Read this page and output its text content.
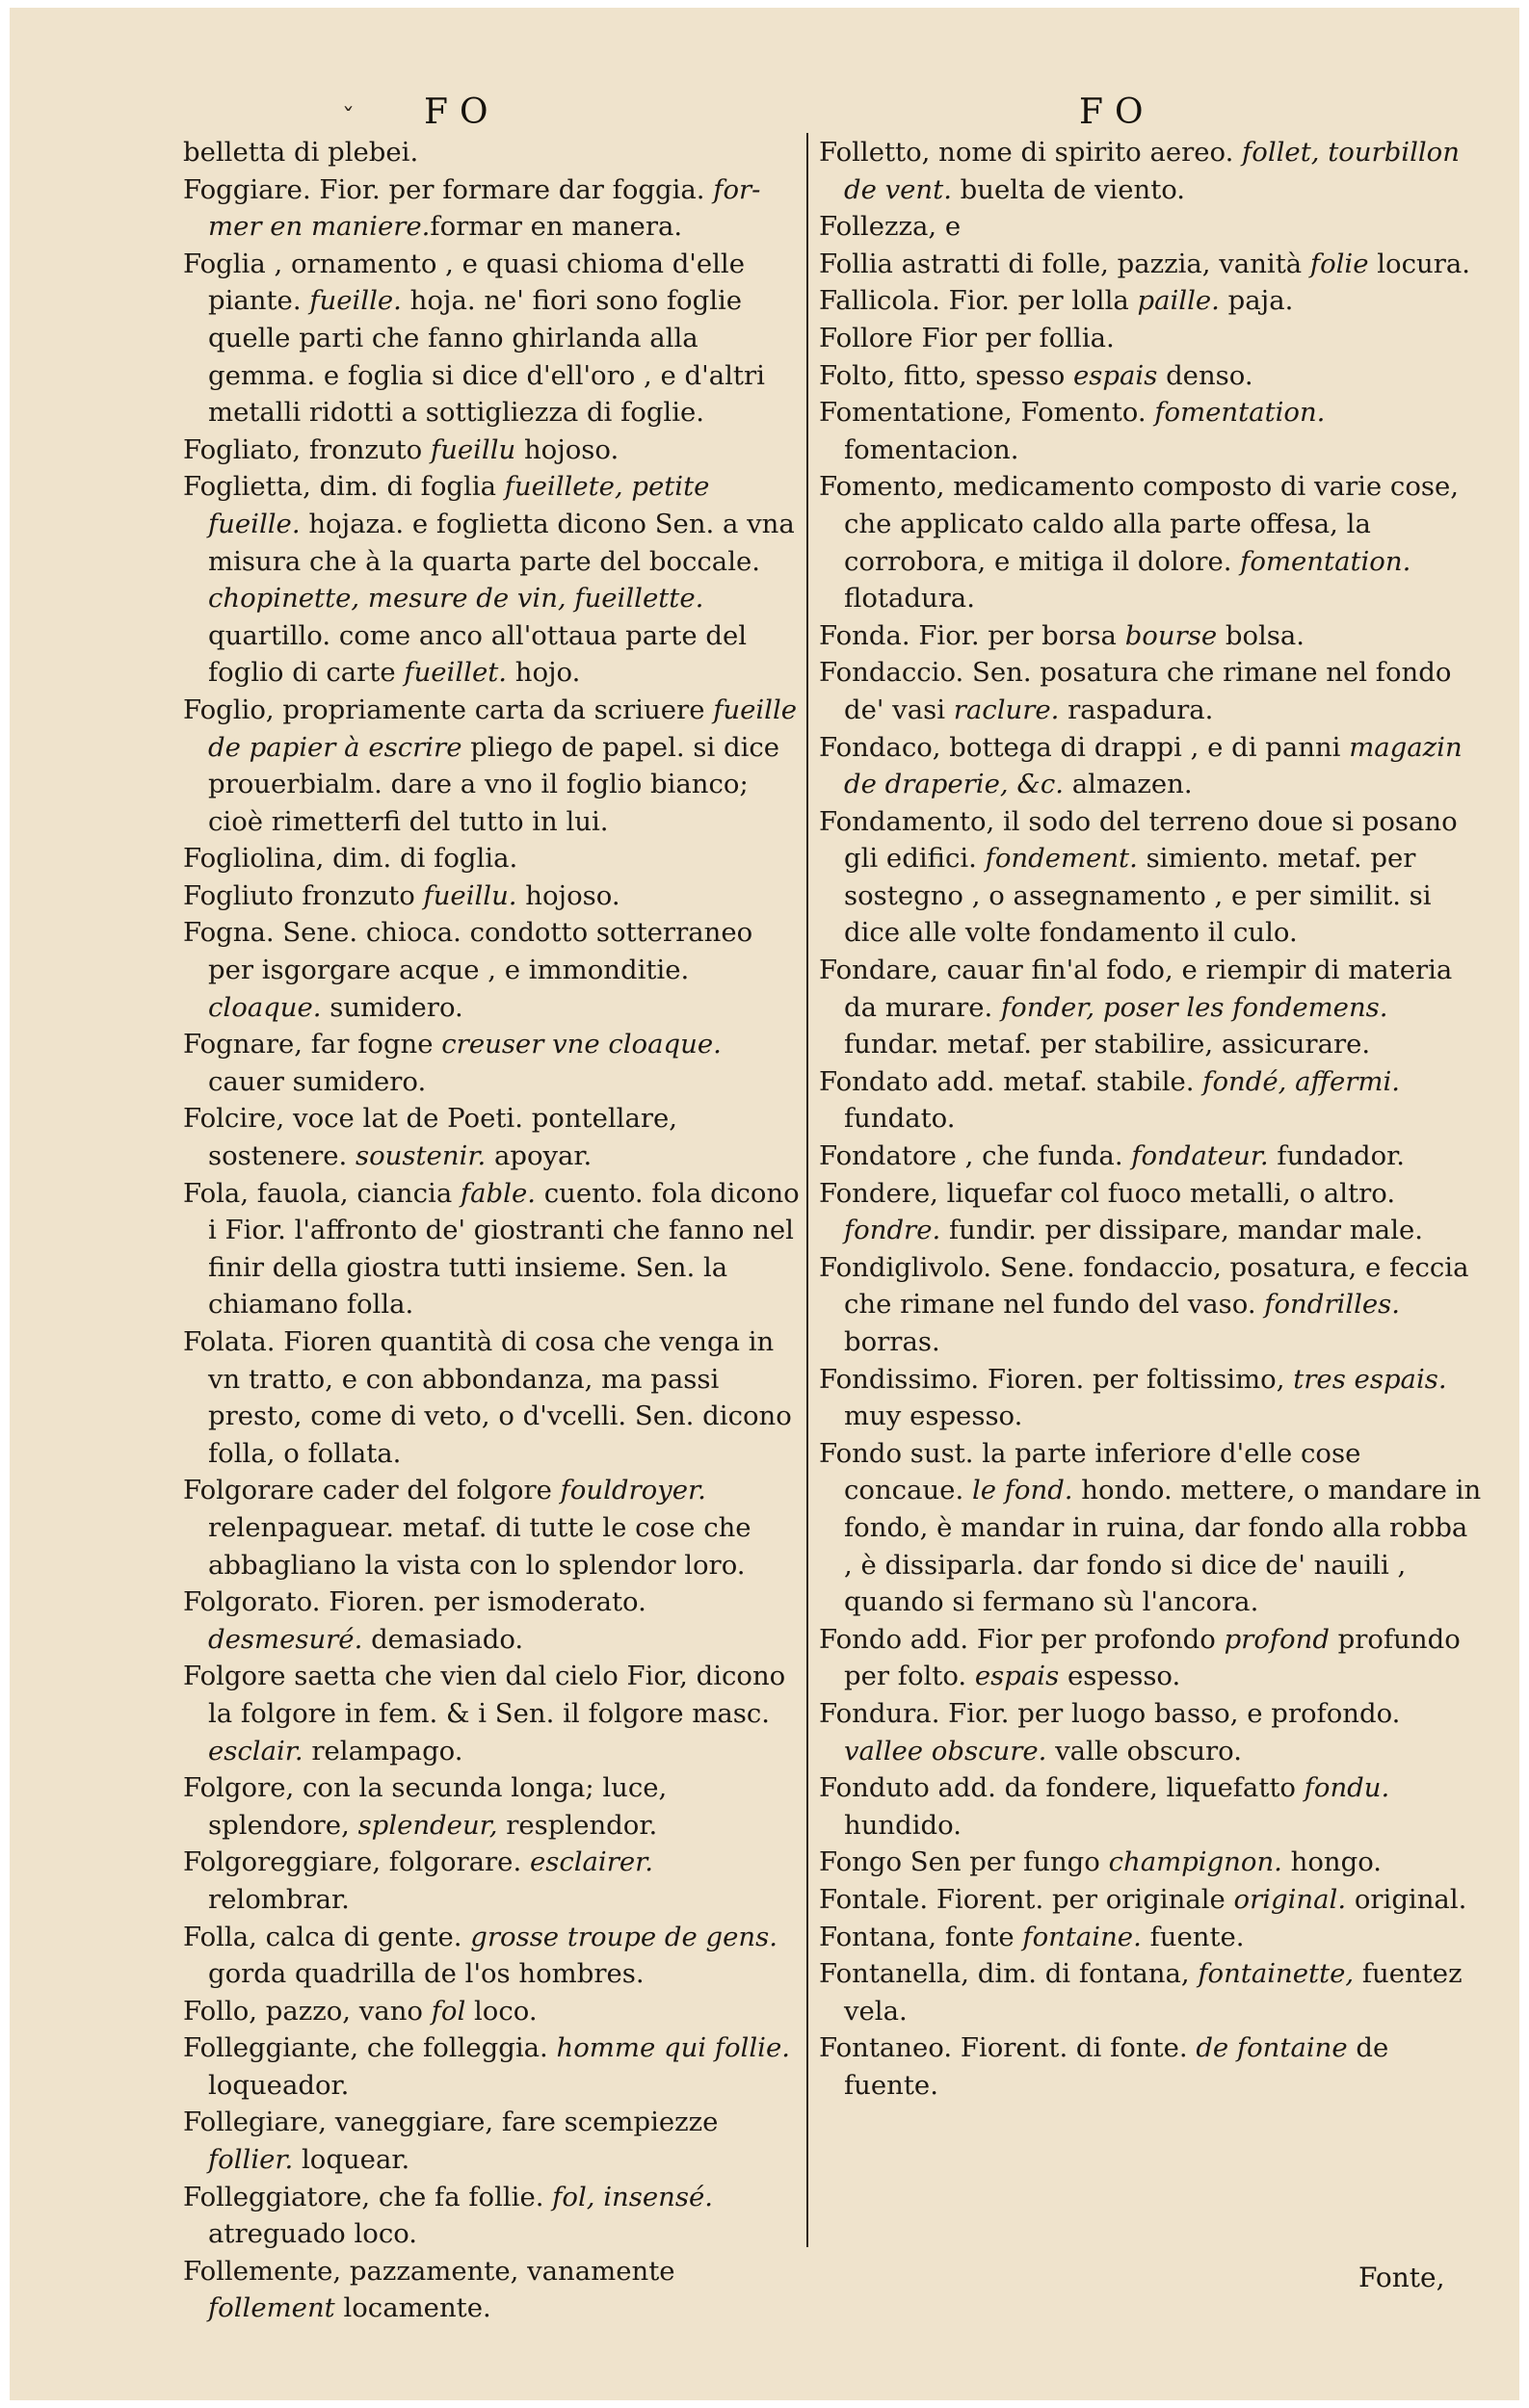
ˇ FO	FO
belletta di plebei.
Foggiare. Fior. per formare dar foggia. for-mer en maniere.formar en manera.
Foglia , ornamento , e quasi chioma d'elle piante. fueille. hoja. ne' fiori sono foglie quelle parti che fanno ghirlanda alla gemma. e foglia si dice d'ell'oro , e d'altri metalli ridotti a sottigliezza di foglie.
Fogliato, fronzuto fueillu hojoso.
Foglietta, dim. di foglia fueillete, petite fueille. hojaza. e foglietta dicono Sen. a vna misura che à la quarta parte del boccale. chopinette, mesure de vin, fueillette. quartillo. come anco all'ottaua parte del foglio di carte fueillet. hojo.
Foglio, propriamente carta da scriuere fueille de papier à escrire pliego de papel. si dice prouerbialm. dare a vno il foglio bianco; cioè rimetterfi del tutto in lui.
Fogliolina, dim. di foglia.
Fogliuto fronzuto fueillu. hojoso.
Fogna. Sene. chioca. condotto sotterraneo per isgorgare acque , e immonditie. cloaque. sumidero.
Fognare, far fogne creuser vne cloaque. cauer sumidero.
Folcire, voce lat de Poeti. pontellare, sostenere. soustenir. apoyar.
Fola, fauola, ciancia fable. cuento. fola dicono i Fior. l'affronto de' giostranti che fanno nel finir della giostra tutti insieme. Sen. la chiamano folla.
Folata. Fioren quantità di cosa che venga in vn tratto, e con abbondanza, ma passi presto, come di veto, o d'vcelli. Sen. dicono folla, o follata.
Folgorare cader del folgore fouldroyer. relenpaguear. metaf. di tutte le cose che abbagliano la vista con lo splendor loro.
Folgorato. Fioren. per ismoderato. desmesuré. demasiado.
Folgore saetta che vien dal cielo Fior, dicono la folgore in fem. & i Sen. il folgore masc. esclair. relampago.
Folgore, con la secunda longa; luce, splendore, splendeur, resplendor.
Folgoreggiare, folgorare. esclairer. relombrar.
Folla, calca di gente. grosse troupe de gens. gorda quadrilla de l'os hombres.
Follo, pazzo, vano fol loco.
Folleggiante, che folleggia. homme qui follie. loqueador.
Follegiare, vaneggiare, fare scempiezze follier. loquear.
Folleggiatore, che fa follie. fol, insensé. atreguado loco.
Follemente, pazzamente, vanamente follement locamente.
Folletto, nome di spirito aereo. follet, tourbillon de vent. buelta de viento.
Follezza, e
Follia astratti di folle, pazzia, vanità folie locura.
Fallicola. Fior. per lolla paille. paja.
Follore Fior per follia.
Folto, fitto, spesso espais denso.
Fomentatione, Fomento. fomentation. fomentacion.
Fomento, medicamento composto di varie cose, che applicato caldo alla parte offesa, la corrobora, e mitiga il dolore. fomentation. flotadura.
Fonda. Fior. per borsa bourse bolsa.
Fondaccio. Sen. posatura che rimane nel fondo de' vasi raclure. raspadura.
Fondaco, bottega di drappi , e di panni magazin de draperie, &c. almazen.
Fondamento, il sodo del terreno doue si posano gli edifici. fondement. simiento. metaf. per sostegno , o assegnamento , e per similit. si dice alle volte fondamento il culo.
Fondare, cauar fin'al fodo, e riempir di materia da murare. fonder, poser les fondemens. fundar. metaf. per stabilire, assicurare.
Fondato add. metaf. stabile. fondé, affermi. fundato.
Fondatore , che funda. fondateur. fundador.
Fondere, liquefar col fuoco metalli, o altro. fondre. fundir. per dissipare, mandar male.
Fondiglivolo. Sene. fondaccio, posatura, e feccia che rimane nel fundo del vaso. fondrilles. borras.
Fondissimo. Fioren. per foltissimo, tres espais. muy espesso.
Fondo sust. la parte inferiore d'elle cose concaue. le fond. hondo. mettere, o mandare in fondo, è mandar in ruina, dar fondo alla robba , è dissiparla. dar fondo si dice de' nauili , quando si fermano sù l'ancora.
Fondo add. Fior per profondo profond profundo per folto. espais espesso.
Fondura. Fior. per luogo basso, e profondo. vallee obscure. valle obscuro.
Fonduto add. da fondere, liquefatto fondu. hundido.
Fongo Sen per fungo champignon. hongo.
Fontale. Fiorent. per originale original. original.
Fontana, fonte fontaine. fuente.
Fontanella, dim. di fontana, fontainette, fuentez vela.
Fontaneo. Fiorent. di fonte. de fontaine de fuente.
Fonte,
